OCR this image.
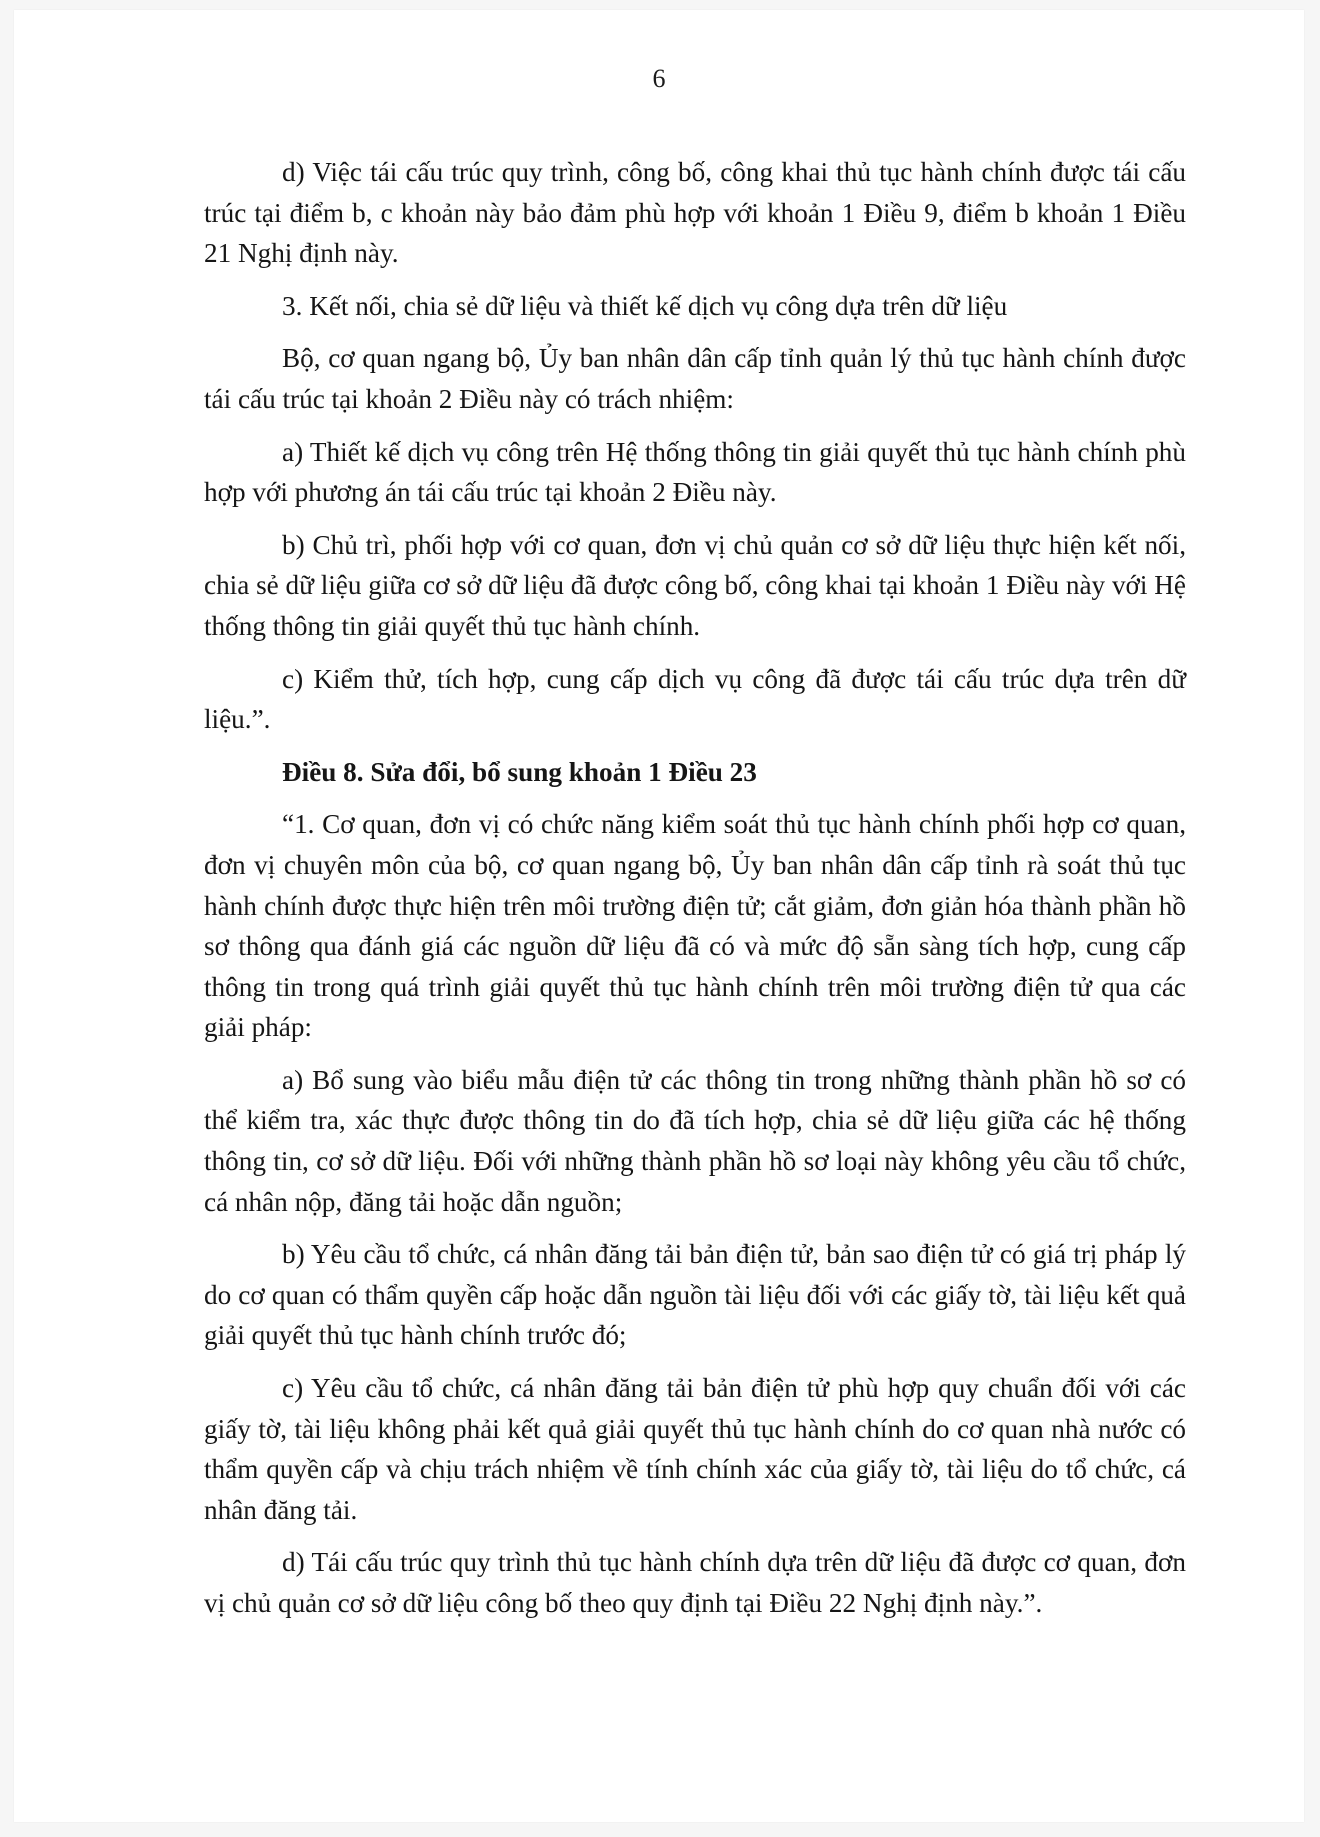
6

d) Việc tái cấu trúc quy trình, công bố, công khai thủ tục hành chính được tái cấu trúc tại điểm b, c khoản này bảo đảm phù hợp với khoản 1 Điều 9, điểm b khoản 1 Điều 21 Nghị định này.

3. Kết nối, chia sẻ dữ liệu và thiết kế dịch vụ công dựa trên dữ liệu

Bộ, cơ quan ngang bộ, Ủy ban nhân dân cấp tỉnh quản lý thủ tục hành chính được tái cấu trúc tại khoản 2 Điều này có trách nhiệm:

a) Thiết kế dịch vụ công trên Hệ thống thông tin giải quyết thủ tục hành chính phù hợp với phương án tái cấu trúc tại khoản 2 Điều này.

b) Chủ trì, phối hợp với cơ quan, đơn vị chủ quản cơ sở dữ liệu thực hiện kết nối, chia sẻ dữ liệu giữa cơ sở dữ liệu đã được công bố, công khai tại khoản 1 Điều này với Hệ thống thông tin giải quyết thủ tục hành chính.

c) Kiểm thử, tích hợp, cung cấp dịch vụ công đã được tái cấu trúc dựa trên dữ liệu.”.

Điều 8. Sửa đổi, bổ sung khoản 1 Điều 23

“1. Cơ quan, đơn vị có chức năng kiểm soát thủ tục hành chính phối hợp cơ quan, đơn vị chuyên môn của bộ, cơ quan ngang bộ, Ủy ban nhân dân cấp tỉnh rà soát thủ tục hành chính được thực hiện trên môi trường điện tử; cắt giảm, đơn giản hóa thành phần hồ sơ thông qua đánh giá các nguồn dữ liệu đã có và mức độ sẵn sàng tích hợp, cung cấp thông tin trong quá trình giải quyết thủ tục hành chính trên môi trường điện tử qua các giải pháp:

a) Bổ sung vào biểu mẫu điện tử các thông tin trong những thành phần hồ sơ có thể kiểm tra, xác thực được thông tin do đã tích hợp, chia sẻ dữ liệu giữa các hệ thống thông tin, cơ sở dữ liệu. Đối với những thành phần hồ sơ loại này không yêu cầu tổ chức, cá nhân nộp, đăng tải hoặc dẫn nguồn;

b) Yêu cầu tổ chức, cá nhân đăng tải bản điện tử, bản sao điện tử có giá trị pháp lý do cơ quan có thẩm quyền cấp hoặc dẫn nguồn tài liệu đối với các giấy tờ, tài liệu kết quả giải quyết thủ tục hành chính trước đó;

c) Yêu cầu tổ chức, cá nhân đăng tải bản điện tử phù hợp quy chuẩn đối với các giấy tờ, tài liệu không phải kết quả giải quyết thủ tục hành chính do cơ quan nhà nước có thẩm quyền cấp và chịu trách nhiệm về tính chính xác của giấy tờ, tài liệu do tổ chức, cá nhân đăng tải.

d) Tái cấu trúc quy trình thủ tục hành chính dựa trên dữ liệu đã được cơ quan, đơn vị chủ quản cơ sở dữ liệu công bố theo quy định tại Điều 22 Nghị định này.”.
